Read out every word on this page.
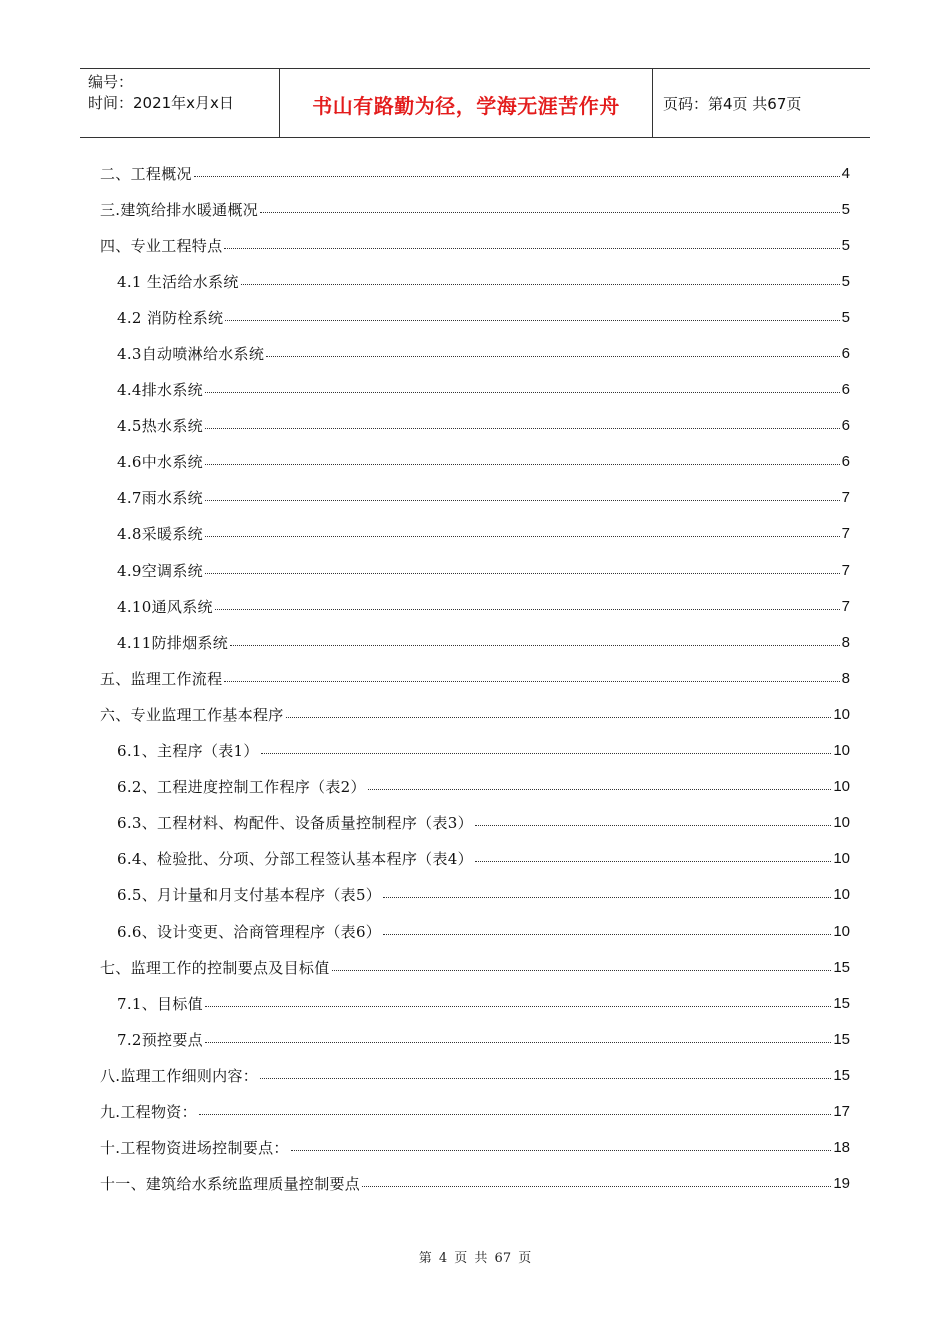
编号：
时间：2021年x月x日	书山有路勤为径，学海无涯苦作舟	页码：第4页 共67页
二、工程概况	4
三.建筑给排水暖通概况	5
四、专业工程特点	5
4.1 生活给水系统	5
4.2 消防栓系统	5
4.3自动喷淋给水系统	6
4.4排水系统	6
4.5热水系统	6
4.6中水系统	6
4.7雨水系统	7
4.8采暖系统	7
4.9空调系统	7
4.10通风系统	7
4.11防排烟系统	8
五、监理工作流程	8
六、专业监理工作基本程序	10
6.1、主程序（表1）	10
6.2、工程进度控制工作程序（表2）	10
6.3、工程材料、构配件、设备质量控制程序（表3）	10
6.4、检验批、分项、分部工程签认基本程序（表4）	10
6.5、月计量和月支付基本程序（表5）	10
6.6、设计变更、洽商管理程序（表6）	10
七、监理工作的控制要点及目标值	15
7.1、目标值	15
7.2预控要点	15
八.监理工作细则内容：	15
九.工程物资：	17
十.工程物资进场控制要点：	18
十一、建筑给水系统监理质量控制要点	19
第 4 页 共 67 页
